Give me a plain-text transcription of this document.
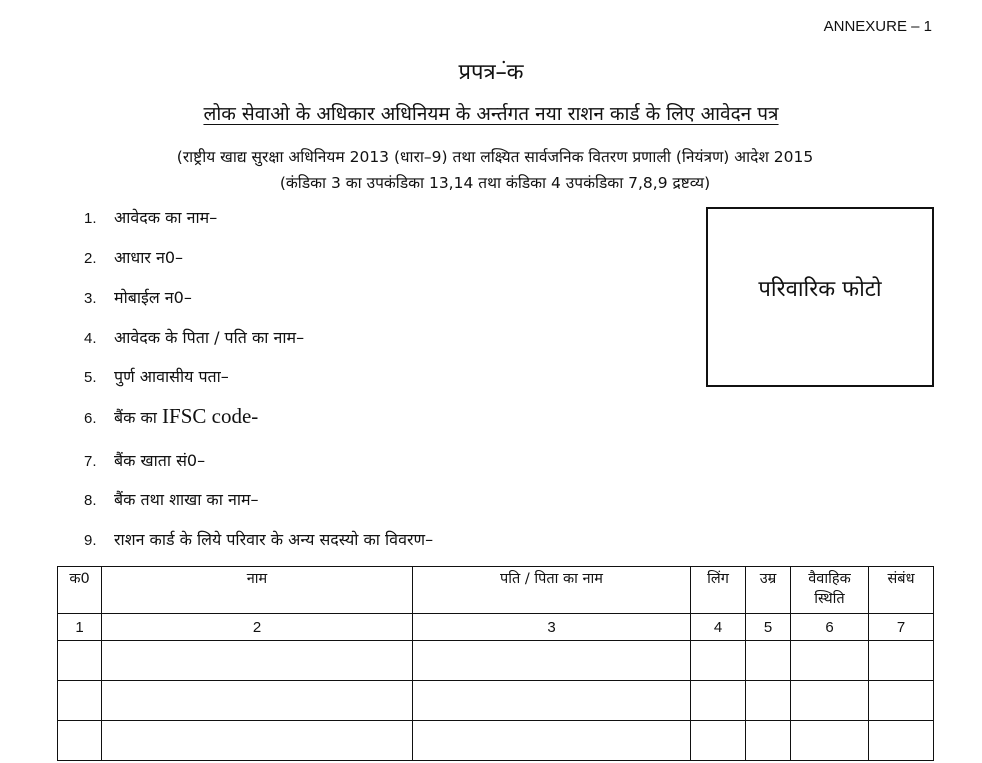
ANNEXURE – 1
प्रपत्र–ंक
लोक सेवाओ के अधिकार अधिनियम के अर्न्तगत नया राशन कार्ड के लिए आवेदन पत्र
(राष्ट्रीय खाद्य सुरक्षा अधिनियम 2013 (धारा–9) तथा लक्ष्यित सार्वजनिक वितरण प्रणाली (नियंत्रण) आदेश 2015
(कंडिका 3 का उपकंडिका 13,14 तथा कंडिका 4 उपकंडिका 7,8,9 द्रष्टव्य)
1. आवेदक का नाम–
2. आधार न0–
3. मोबाईल न0–
4. आवेदक के पिता / पति का नाम–
5. पुर्ण आवासीय पता–
6. बैंक का IFSC code-
7. बैंक खाता सं0–
8. बैंक तथा शाखा का नाम–
9. राशन कार्ड के लिये परिवार के अन्य सदस्यो का विवरण–
परिवारिक फोटो
क0	नाम	पति / पिता का नाम	लिंग	उम्र	वैवाहिक स्थिति	संबंध
1	2	3	4	5	6	7
